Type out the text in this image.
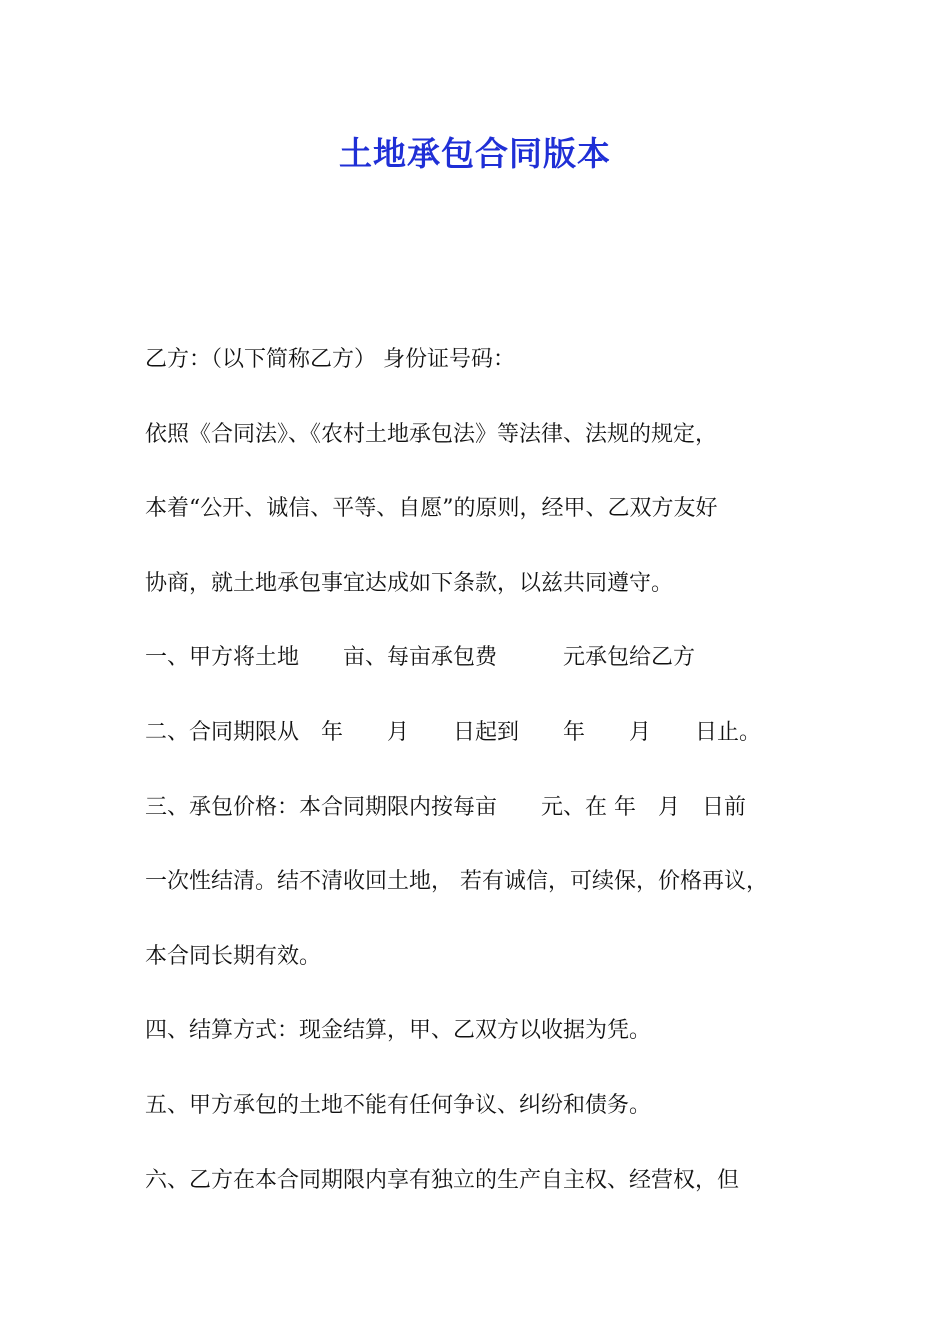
土地承包合同版本

乙方：（以下简称乙方） 身份证号码：

依照《合同法》、《农村土地承包法》等法律、法规的规定，

本着“公开、诚信、平等、自愿”的原则，经甲、乙双方友好

协商，就土地承包事宜达成如下条款，以兹共同遵守。

一、甲方将土地　　亩、每亩承包费　　　元承包给乙方

二、合同期限从　年　　月　　日起到　　年　　月　　日止。

三、承包价格：本合同期限内按每亩　　元、在 年　月　日前

一次性结清。结不清收回土地， 若有诚信，可续保，价格再议，

本合同长期有效。

四、结算方式：现金结算，甲、乙双方以收据为凭。

五、甲方承包的土地不能有任何争议、纠纷和债务。

六、乙方在本合同期限内享有独立的生产自主权、经营权，但
